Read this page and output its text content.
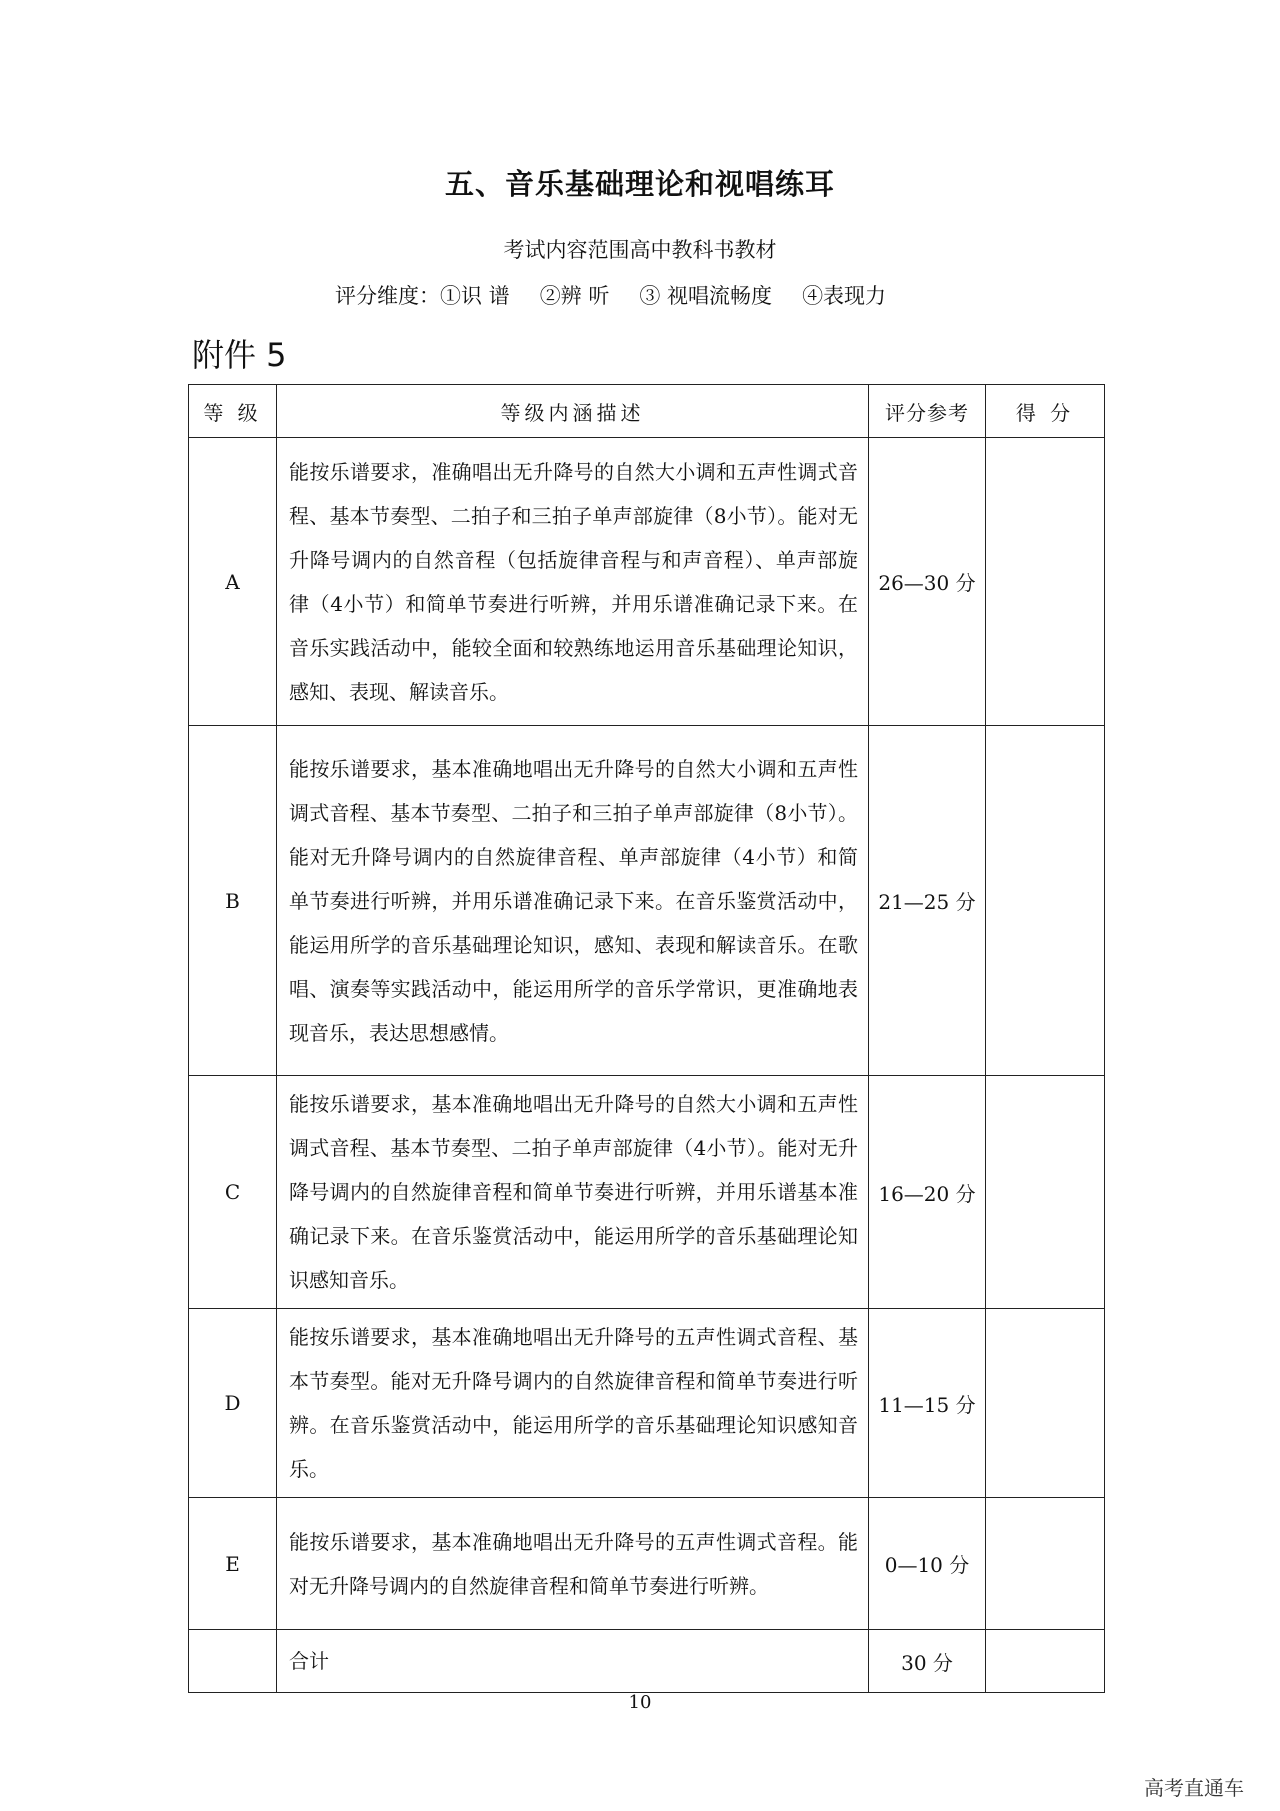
五、音乐基础理论和视唱练耳
考试内容范围高中教科书教材
评分维度：①识 谱 ②辨 听 ③ 视唱流畅度 ④表现力
附件 5
等 级	等级内涵描述	评分参考	得 分
A	能按乐谱要求，准确唱出无升降号的自然大小调和五声性调式音程、基本节奏型、二拍子和三拍子单声部旋律（8小节）。能对无升降号调内的自然音程（包括旋律音程与和声音程）、单声部旋律（4小节）和简单节奏进行听辨，并用乐谱准确记录下来。在音乐实践活动中，能较全面和较熟练地运用音乐基础理论知识， 感知、表现、解读音乐。	26—30 分	
B	能按乐谱要求，基本准确地唱出无升降号的自然大小调和五声性调式音程、基本节奏型、二拍子和三拍子单声部旋律（8小节）。能对无升降号调内的自然旋律音程、单声部旋律（4小节）和简单节奏进行听辨，并用乐谱准确记录下来。在音乐鉴赏活动中，能运用所学的音乐基础理论知识，感知、表现和解读音乐。在歌唱、演奏等实践活动中，能运用所学的音乐学常识，更准确地表现音乐，表达思想感情。	21—25 分	
C	能按乐谱要求，基本准确地唱出无升降号的自然大小调和五声性调式音程、基本节奏型、二拍子单声部旋律（4小节）。能对无升降号调内的自然旋律音程和简单节奏进行听辨，并用乐谱基本准确记录下来。在音乐鉴赏活动中，能运用所学的音乐基础理论知识感知音乐。	16—20 分	
D	能按乐谱要求，基本准确地唱出无升降号的五声性调式音程、基本节奏型。能对无升降号调内的自然旋律音程和简单节奏进行听辨。在音乐鉴赏活动中，能运用所学的音乐基础理论知识感知音乐。	11—15 分	
E	能按乐谱要求，基本准确地唱出无升降号的五声性调式音程。能对无升降号调内的自然旋律音程和简单节奏进行听辨。	0—10 分	
	合计	30 分	
10
高考直通车
